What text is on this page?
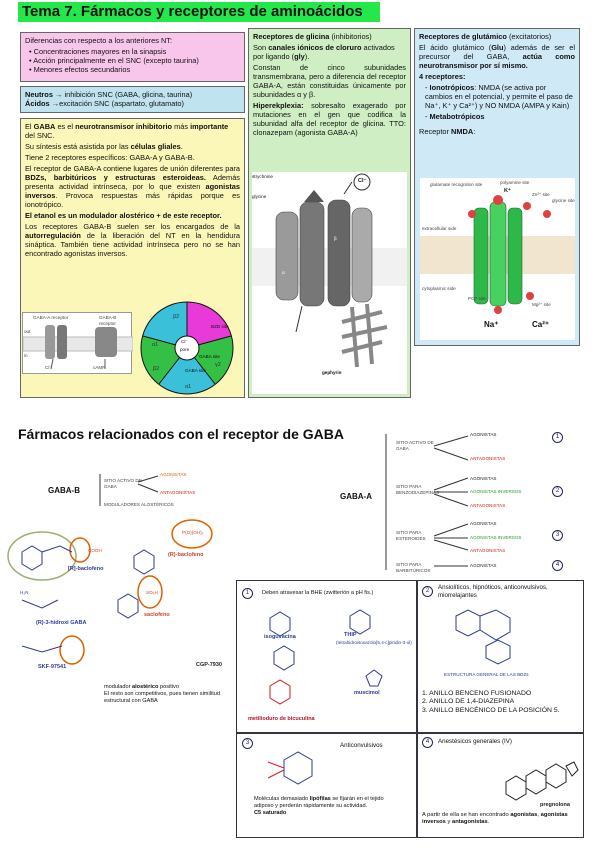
Tema 7. Fármacos y receptores de aminoácidos
Diferencias con respecto a los anteriores NT:
• Concentraciones mayores en la sinapsis
• Acción principalmente en el SNC (excepto taurina)
• Menores efectos secundarios
Neutros → inhibición SNC (GABA, glicina, taurina)
Ácidos →excitación SNC (aspartato, glutamato)

El GABA es el neurotransmisor inhibitorio más importante del SNC.

Su síntesis está asistida por las células gliales.

Tiene 2 receptores específicos: GABA-A y GABA-B.

El receptor de GABA-A contiene lugares de unión diferentes para BDZs, barbitúricos y estructuras esteroideas. Además presenta actividad intrínseca, por lo que existen agonistas inversos. Provoca respuestas más rápidas porque es ionotrópico.

El etanol es un modulador alostérico + de este receptor.

Los receptores GABA-B suelen ser los encargados de la autorregulación de la liberación del NT en la hendidura sináptica. También tiene actividad intrínseca pero no se han encontrado agonistas inversos.

GABA-A receptor	GABA-B receptor
Cl⁻	cAMP
out
in
Cl⁻
pore
β2
α1
BZD site
β2
GABA site
GABA site
γ2
α1

Receptores de glicina (inhibitorios)

Son canales iónicos de cloruro activados por ligando (gly).

Constan de cinco subunidades transmembrana, pero a diferencia del receptor GABA-A, están constituidas únicamente por subunidades α y β.

Hiperekplexia: sobresalto exagerado por mutaciones en el gen que codifica la subunidad alfa del receptor de glicina. TTO: clonazepam (agonista GABA-A)

strychnine
glycine
Cl⁻
gephyrin
α
β

Receptores de glutámico (excitatorios)

El ácido glutámico (Glu) además de ser el precursor del GABA, actúa como neurotransmisor por sí mismo.

4 receptores:

- Ionotrópicos: NMDA (se activa por cambios en el potencial, y permite el paso de Na⁺, K⁺ y Ca²⁺) y NO NMDA (AMPA y Kain)

- Metabotrópicos

Receptor NMDA:

glutamate recognition site	polyamine site
K⁺
Zn²⁺ site
glycine site
extracellular side
cytoplasmic side
PCP site
Mg²⁺ site
Na⁺	Ca²⁺
Fármacos relacionados con el receptor de GABA
GABA-B
SITIO ACTIVO DE GABA
MODULADORES ALOSTÉRICOS
AGONISTAS
ANTAGONISTAS
[R]-baclofeno
(R)-baclofeno
(R)-3-hidroxi GABA
saclofeno
SKF-97541	CGP-7930
COOH
P(O)(OH)₂
H₂N	SO₃H
modulador alostérico positivo
El resto son competitivos, pues tienen similitud estructural con GABA
GABA-A
SITIO ACTIVO DE GABA
AGONISTAS
ANTAGONISTAS
1
SITIO PARA BENZODIAZEPINAS
AGONISTAS
AGONISTAS INVERSOS
ANTAGONISTAS
2
SITIO PARA ESTEROIDES
AGONISTAS
AGONISTAS INVERSOS
ANTAGONISTAS
3
SITIO PARA BARBITÚRICOS
AGONISTAS	4
1	Deben atravesar la BHE (zwitterión a pH fis.)
isoguvacina	THIP
(tetrahidroisoxazolo[5,4-c]piridin-3-ol)
muscimol
metilioduro de bicuculina
2	Ansiolíticos, hipnóticos, anticonvulsivos, miorrelajantes
ESTRUCTURA GENERAL DE LAS BDZs
1. ANILLO BENCENO FUSIONADO
2. ANILLO DE 1,4-DIAZEPINA
3. ANILLO BENCÉNICO DE LA POSICIÓN 5.
3	Anticonvulsivos
Moléculas demasiado lipófilas se fijarán en el tejido adiposo y perderán rápidamente su actividad.
C5 saturado
4	Anestésicos generales (IV)
pregnolona
A partir de ella se han encontrado agonistas, agonistas inversos y antagonistas.
